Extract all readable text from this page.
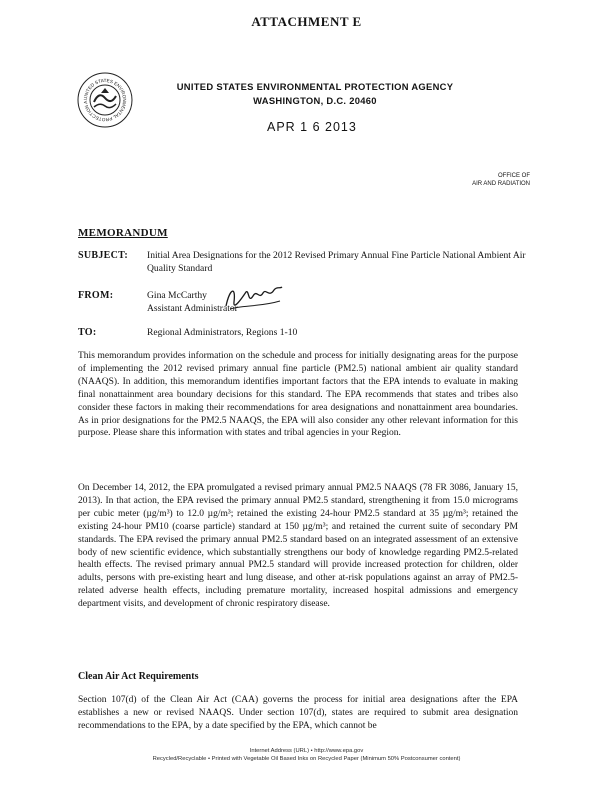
ATTACHMENT E
UNITED STATES ENVIRONMENTAL PROTECTION A
UNITED STATES ENVIRONMENTAL PROTECTION AGENCY
WASHINGTON, D.C. 20460
APR 1 6 2013
OFFICE OF
AIR AND RADIATION
MEMORANDUM
SUBJECT: Initial Area Designations for the 2012 Revised Primary Annual Fine Particle National Ambient Air Quality Standard
FROM:	Gina McCarthy
Assistant Administrator
TO:	Regional Administrators, Regions 1-10
This memorandum provides information on the schedule and process for initially designating areas for the purpose of implementing the 2012 revised primary annual fine particle (PM2.5) national ambient air quality standard (NAAQS). In addition, this memorandum identifies important factors that the EPA intends to evaluate in making final nonattainment area boundary decisions for this standard. The EPA recommends that states and tribes also consider these factors in making their recommendations for area designations and nonattainment area boundaries. As in prior designations for the PM2.5 NAAQS, the EPA will also consider any other relevant information for this purpose. Please share this information with states and tribal agencies in your Region.
On December 14, 2012, the EPA promulgated a revised primary annual PM2.5 NAAQS (78 FR 3086, January 15, 2013). In that action, the EPA revised the primary annual PM2.5 standard, strengthening it from 15.0 micrograms per cubic meter (µg/m³) to 12.0 µg/m³; retained the existing 24-hour PM2.5 standard at 35 µg/m³; retained the existing 24-hour PM10 (coarse particle) standard at 150 µg/m³; and retained the current suite of secondary PM standards. The EPA revised the primary annual PM2.5 standard based on an integrated assessment of an extensive body of new scientific evidence, which substantially strengthens our body of knowledge regarding PM2.5-related health effects. The revised primary annual PM2.5 standard will provide increased protection for children, older adults, persons with pre-existing heart and lung disease, and other at-risk populations against an array of PM2.5-related adverse health effects, including premature mortality, increased hospital admissions and emergency department visits, and development of chronic respiratory disease.
Clean Air Act Requirements
Section 107(d) of the Clean Air Act (CAA) governs the process for initial area designations after the EPA establishes a new or revised NAAQS. Under section 107(d), states are required to submit area designation recommendations to the EPA, by a date specified by the EPA, which cannot be
Internet Address (URL) • http://www.epa.gov
Recycled/Recyclable • Printed with Vegetable Oil Based Inks on Recycled Paper (Minimum 50% Postconsumer content)
